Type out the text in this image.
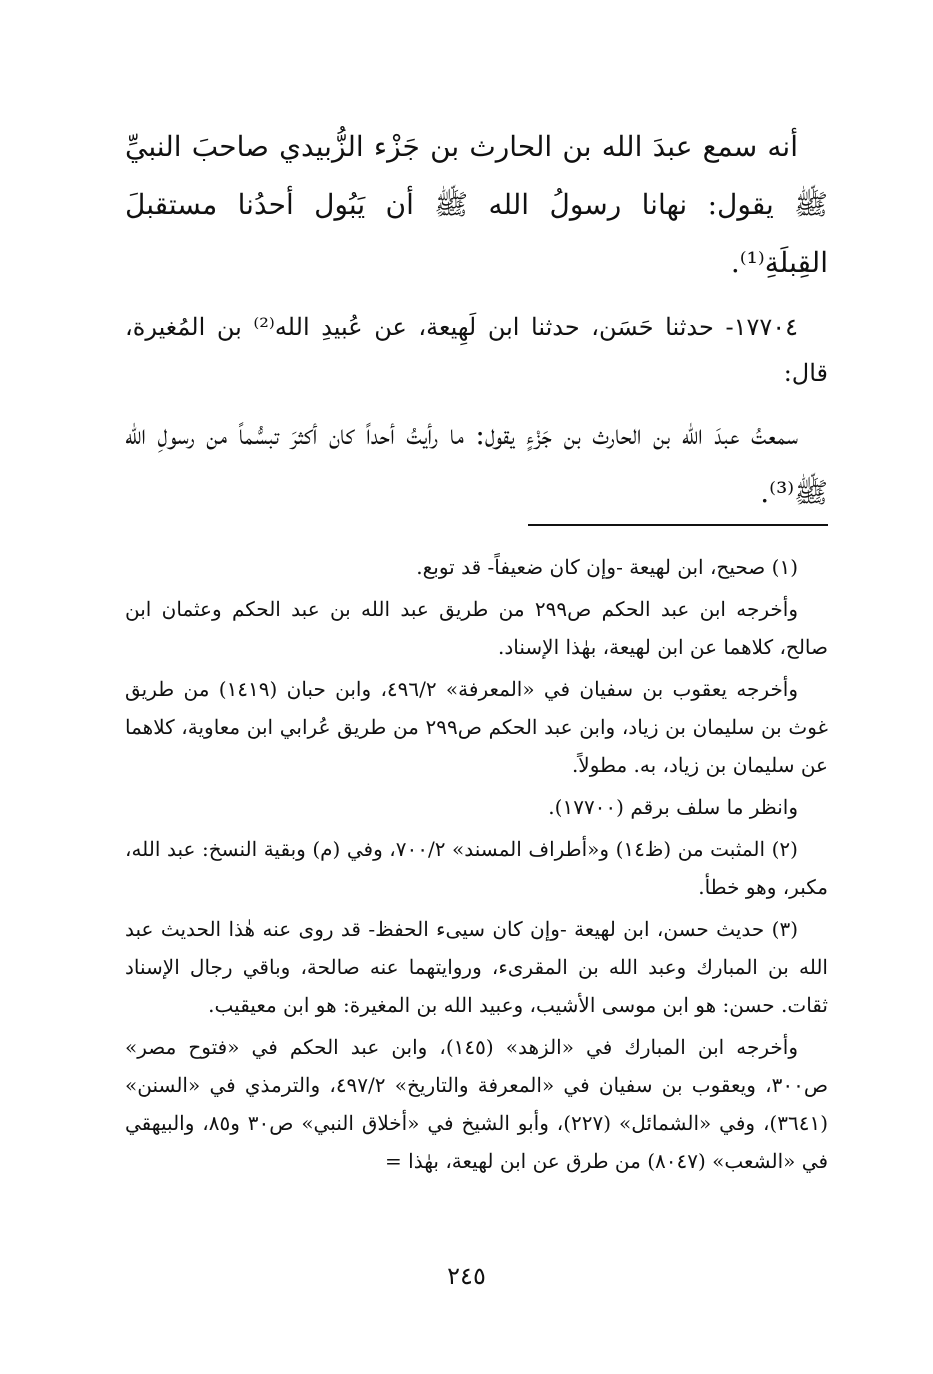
أنه سمع عبدَ الله بن الحارث بن جَزْء الزُّبيدي صاحبَ النبيِّ ﷺ يقول: نهانا رسولُ الله ﷺ أن يَبُول أحدُنا مستقبلَ القِبلَةِ⁽¹⁾.

١٧٧٠٤- حدثنا حَسَن، حدثنا ابن لَهِيعة، عن عُبيدِ الله⁽²⁾ بن المُغيرة، قال:

سمعتُ عبدَ الله بن الحارث بن جَزْءٍ يقول: ما رأيتُ أحداً كان أكثرَ تبسُّماً من رسولِ الله ﷺ⁽³⁾.

(١) صحيح، ابن لهيعة -وإن كان ضعيفاً- قد توبع.

وأخرجه ابن عبد الحكم ص٢٩٩ من طريق عبد الله بن عبد الحكم وعثمان ابن صالح، كلاهما عن ابن لهيعة، بهٰذا الإسناد.

وأخرجه يعقوب بن سفيان في «المعرفة» ٤٩٦/٢، وابن حبان (١٤١٩) من طريق غوث بن سليمان بن زياد، وابن عبد الحكم ص٢٩٩ من طريق عُرابي ابن معاوية، كلاهما عن سليمان بن زياد، به. مطولاً.

وانظر ما سلف برقم (١٧٧٠٠).

(٢) المثبت من (ظ١٤) و«أطراف المسند» ٧٠٠/٢، وفي (م) وبقية النسخ: عبد الله، مكبر، وهو خطأ.

(٣) حديث حسن، ابن لهيعة -وإن كان سيىء الحفظ- قد روى عنه هٰذا الحديث عبد الله بن المبارك وعبد الله بن المقرىء، وروايتهما عنه صالحة، وباقي رجال الإسناد ثقات. حسن: هو ابن موسى الأشيب، وعبيد الله بن المغيرة: هو ابن معيقيب.

وأخرجه ابن المبارك في «الزهد» (١٤٥)، وابن عبد الحكم في «فتوح مصر» ص٣٠٠، ويعقوب بن سفيان في «المعرفة والتاريخ» ٤٩٧/٢، والترمذي في «السنن» (٣٦٤١)، وفي «الشمائل» (٢٢٧)، وأبو الشيخ في «أخلاق النبي» ص٣٠ و٨٥، والبيهقي في «الشعب» (٨٠٤٧) من طرق عن ابن لهيعة، بهٰذا =

٢٤٥
